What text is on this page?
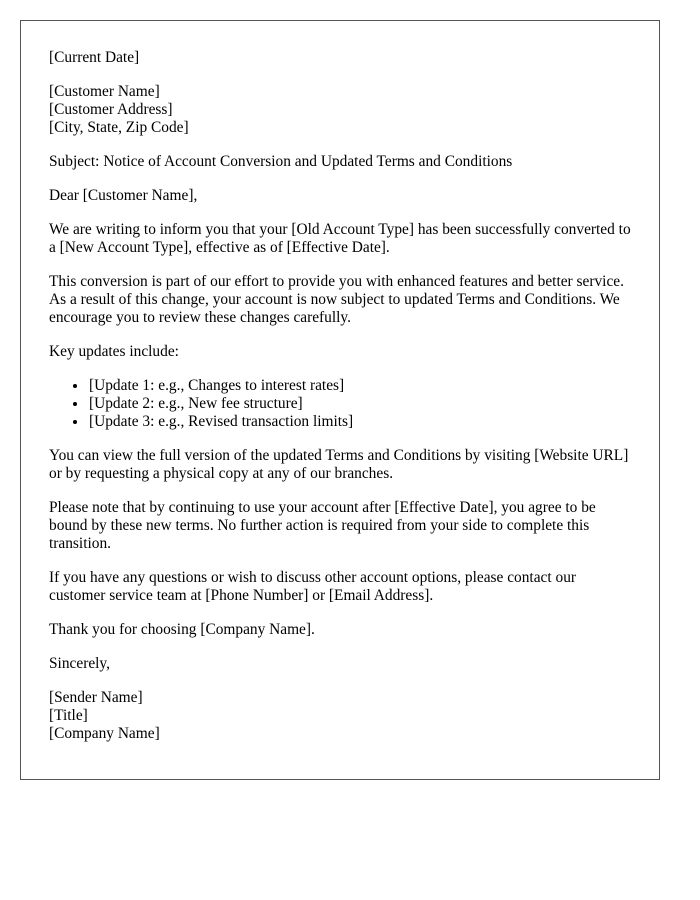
[Current Date]

[Customer Name]
[Customer Address]
[City, State, Zip Code]

Subject: Notice of Account Conversion and Updated Terms and Conditions

Dear [Customer Name],

We are writing to inform you that your [Old Account Type] has been successfully converted to a [New Account Type], effective as of [Effective Date].

This conversion is part of our effort to provide you with enhanced features and better service. As a result of this change, your account is now subject to updated Terms and Conditions. We encourage you to review these changes carefully.

Key updates include:

• [Update 1: e.g., Changes to interest rates]
• [Update 2: e.g., New fee structure]
• [Update 3: e.g., Revised transaction limits]

You can view the full version of the updated Terms and Conditions by visiting [Website URL] or by requesting a physical copy at any of our branches.

Please note that by continuing to use your account after [Effective Date], you agree to be bound by these new terms. No further action is required from your side to complete this transition.

If you have any questions or wish to discuss other account options, please contact our customer service team at [Phone Number] or [Email Address].

Thank you for choosing [Company Name].

Sincerely,

[Sender Name]
[Title]
[Company Name]
